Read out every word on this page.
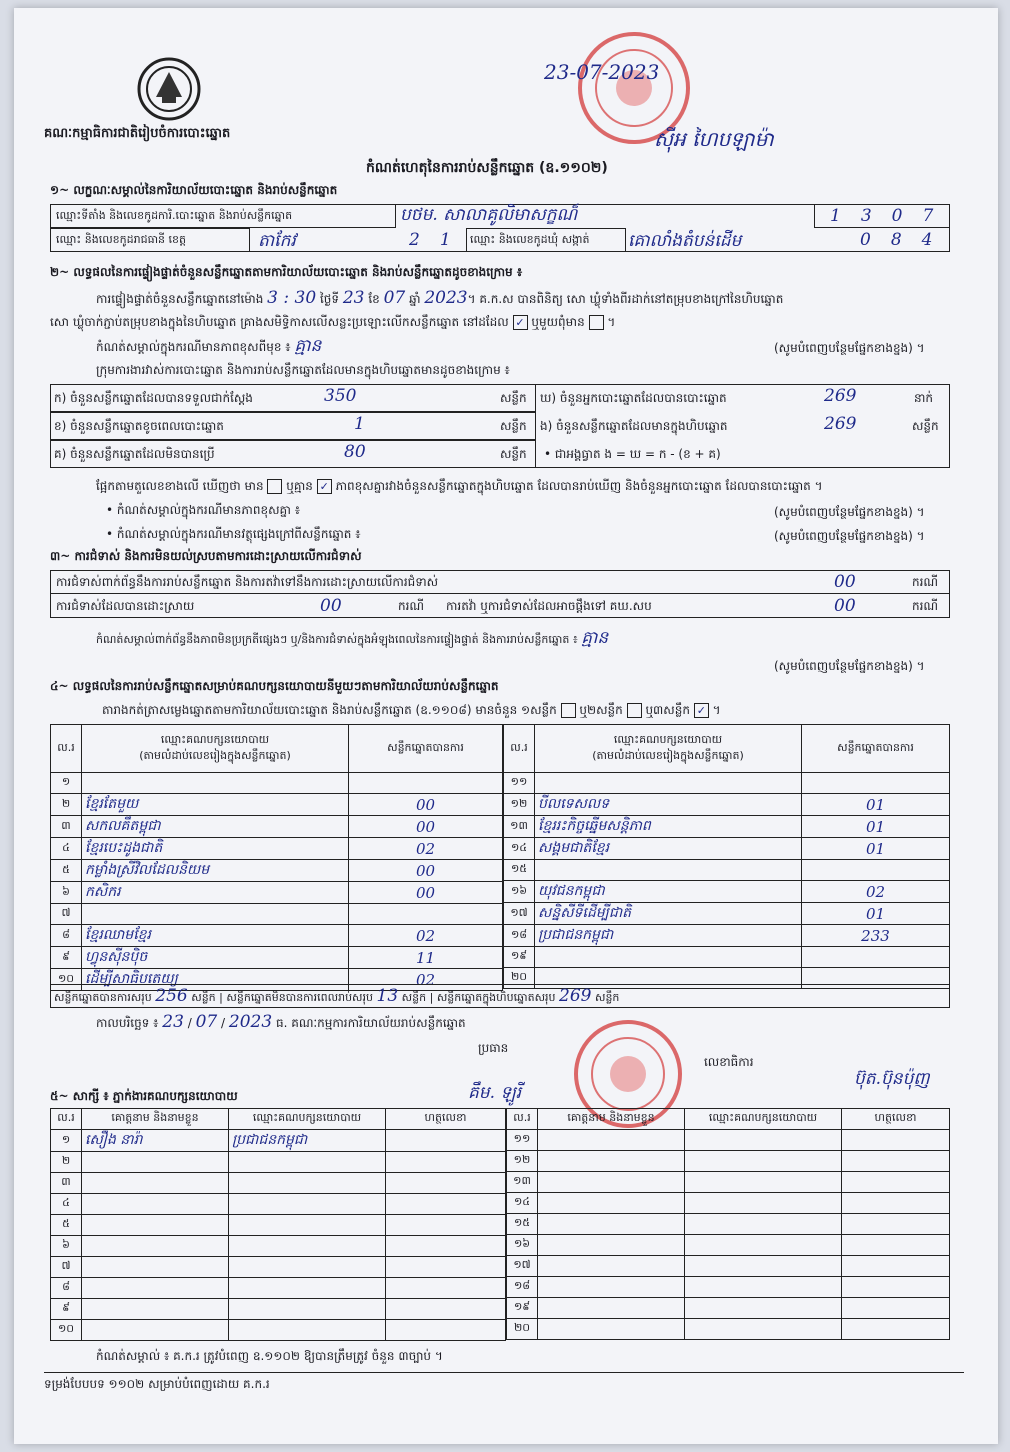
គណៈកម្មាធិការជាតិរៀបចំការបោះឆ្នោត
23-07-2023
ស៊ីអ ហៃបឡាម៉ា
កំណត់ហេតុនៃការរាប់សន្លឹកឆ្នោត (ឧ.១១០២)
១~ លក្ខណៈសម្គាល់នៃការិយាល័យបោះឆ្នោត និងរាប់សន្លឹកឆ្នោត
ឈ្មោះទីតាំង និងលេខកូដការិ.បោះឆ្នោត និងរាប់សន្លឹកឆ្នោត	បថម. សាលាគូលិមាសក្ខណ៏	1307
ឈ្មោះ និងលេខកូដរាជធានី ខេត្ត	តាកែវ	21 ឈ្មោះ និងលេខកូដឃុំ សង្កាត់ គោលាំងតំបន់ដើម	084
២~ លទ្ធផលនៃការផ្ទៀងផ្ទាត់ចំនួនសន្លឹកឆ្នោតតាមការិយាល័យបោះឆ្នោត និងរាប់សន្លឹកឆ្នោតដូចខាងក្រោម ៖
ការផ្ទៀងផ្ទាត់ចំនួនសន្លឹកឆ្នោតនៅម៉ោង 3 : 30 ថ្ងៃទី 23 ខែ 07 ឆ្នាំ 2023។ គ.ក.ស បានពិនិត្យ សោ ឃ្លុំទាំងពីរដាក់នៅតម្រុបខាងក្រៅនៃហិបឆ្នោត
សោ ឃ្លុំចាក់ភ្ជាប់តម្រុបខាងក្នុងនៃហិបឆ្នោត គ្រាងសមិទ្ធិកាសលើសន្លះប្រឡោះលើកសន្លឹកឆ្នោត នៅដដែល ✓ ឬមួយពុំមាន  ។
កំណត់សម្គាល់ក្នុងករណីមានភាពខុសពីមុខ ៖ គ្មាន	(សូមបំពេញបន្ថែមផ្នែកខាងខ្នង) ។
ក្រុមការងារវាស់ការបោះឆ្នោត និងការរាប់សន្លឹកឆ្នោតដែលមានក្នុងហិបឆ្នោតមានដូចខាងក្រោម ៖
ក) ចំនួនសន្លឹកឆ្នោតដែលបានទទួលជាក់ស្តែង	350	សន្លឹក
ខ) ចំនួនសន្លឹកឆ្នោតខូចពេលបោះឆ្នោត	1	សន្លឹក
គ) ចំនួនសន្លឹកឆ្នោតដែលមិនបានប្រើ	80	សន្លឹក
ឃ) ចំនួនអ្នកបោះឆ្នោតដែលបានបោះឆ្នោត	269	នាក់
ង) ចំនួនសន្លឹកឆ្នោតដែលមានក្នុងហិបឆ្នោត	269	សន្លឹក
• ជាអង្គធ្វាត ង = ឃ = ក - (ខ + គ)
ផ្អែកតាមតួលេខខាងលើ ឃើញថា មាន ឬគ្មាន ✓ ភាពខុសគ្នារវាងចំនួនសន្លឹកឆ្នោតក្នុងហិបឆ្នោត ដែលបានរាប់ឃើញ និងចំនួនអ្នកបោះឆ្នោត ដែលបានបោះឆ្នោត ។
• កំណត់សម្គាល់ក្នុងករណីមានភាពខុសគ្នា ៖	(សូមបំពេញបន្ថែមផ្នែកខាងខ្នង) ។
• កំណត់សម្គាល់ក្នុងករណីមានវត្ថុផ្សេងក្រៅពីសន្លឹកឆ្នោត ៖	(សូមបំពេញបន្ថែមផ្នែកខាងខ្នង) ។
៣~ ការជំទាស់ និងការមិនយល់ស្របតាមការដោះស្រាយលើការជំទាស់
ការជំទាស់ពាក់ព័ន្ធនឹងការរាប់សន្លឹកឆ្នោត និងការតវ៉ាទៅនឹងការដោះស្រាយលើការជំទាស់	00	ករណី
ការជំទាស់ដែលបានដោះស្រាយ	00	ករណី ការតវ៉ា ឬការជំទាស់ដែលអាចផ្តឹងទៅ គឃ.សប	00	ករណី
កំណត់សម្គាល់ពាក់ព័ន្ធនឹងភាពមិនប្រក្រតីផ្សេងៗ ឬ/និងការជំទាស់ក្នុងអំឡុងពេលនៃការផ្ទៀងផ្ទាត់ និងការរាប់សន្លឹកឆ្នោត ៖ គ្មាន
(សូមបំពេញបន្ថែមផ្នែកខាងខ្នង) ។
៤~ លទ្ធផលនៃការរាប់សន្លឹកឆ្នោតសម្រាប់គណបក្សនយោបាយនីមួយៗតាមការិយាល័យរាប់សន្លឹកឆ្នោត
តារាងកត់ត្រាសម្លេងឆ្នោតតាមការិយាល័យបោះឆ្នោត និងរាប់សន្លឹកឆ្នោត (ឧ.១១០៨) មានចំនួន ១សន្លឹក ឬ២សន្លឹក ឬ៣សន្លឹក ✓ ។
ល.រ	ឈ្មោះគណបក្សនយោបាយ
(តាមលំដាប់លេខរៀងក្នុងសន្លឹកឆ្នោត)	សន្លឹកឆ្នោតបានការ
១		
២	ខ្មែរតែមួយ	00
៣	សកលគឹតម្ពុជា	00
៤	ខ្មែរបេះដូងជាតិ	02
៥	កម្លាំងស្រីវិលដែលនិយម	00
៦	កសិករ	00
៧		
៨	ខ្មែរឈាមខ្មែរ	02
៩	ហ្វុនស៊ីនប៉ិច	11
១០	ដើម្បីសាធិបតេយ្យ	02
ល.រ	ឈ្មោះគណបក្សនយោបាយ
(តាមលំដាប់លេខរៀងក្នុងសន្លឹកឆ្នោត)	សន្លឹកឆ្នោតបានការ
១១		
១២	បីលទេសលទ	01
១៣	ខ្មែររះកិច្ចឆ្នើមសន្តិភាព	01
១៤	សង្គមជាតិខ្មែរ	01
១៥		
១៦	យុវជនកម្ពុជា	02
១៧	សន្និសីទីដើម្បីជាតិ	01
១៨	ប្រជាជនកម្ពុជា	233
១៩		
២០		
សន្លឹកឆ្នោតបានការសរុប 256 សន្លឹក | សន្លឹកឆ្នោតមិនបានការពេលរាប់សរុប 13 សន្លឹក | សន្លឹកឆ្នោតក្នុងហិបឆ្នោតសរុប 269 សន្លឹក
កាលបរិច្ឆេទ ៖ 23 / 07 / 2023 ធ. គណៈកម្មការការិយាល័យរាប់សន្លឹកឆ្នោត
ប្រធាន
គឹម. ឡូរី
លេខាធិការ
ប៊ុត.ប៊ុនប៉ុញ
៥~ សាក្សី ៖ ភ្នាក់ងារគណបក្សនយោបាយ
ល.រ	គោត្តនាម និងនាមខ្លួន	ឈ្មោះគណបក្សនយោបាយ	ហត្ថលេខា
១	សឿង នារ៉ា	ប្រជាជនកម្ពុជា	
២			
៣			
៤			
៥			
៦			
៧			
៨			
៩			
១០			
ល.រ	គោត្តនាម និងនាមខ្លួន	ឈ្មោះគណបក្សនយោបាយ	ហត្ថលេខា
១១			
១២			
១៣			
១៤			
១៥			
១៦			
១៧			
១៨			
១៩			
២០			
កំណត់សម្គាល់ ៖ គ.ក.រ ត្រូវបំពេញ ឧ.១១០២ ឱ្យបានត្រឹមត្រូវ ចំនួន ៣ច្បាប់ ។
ទម្រង់បែបបទ ១១០២ សម្រាប់បំពេញដោយ គ.ក.រ
